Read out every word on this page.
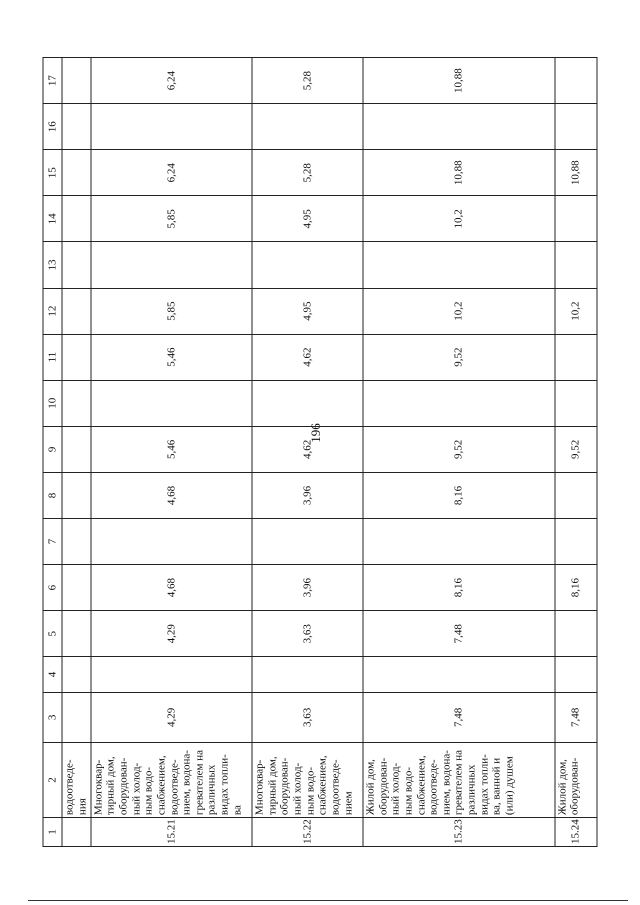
196
1	2	3	4	5	6	7	8	9	10	11	12	13	14	15	16	17
	водоотведе-ния															
15.21	Многоквар-тирный дом, оборудован-ный холод-ным водо-снабжением, водоотведе-нием, водона-гревателем на различных видах топли-ва	4,29		4,29	4,68		4,68	5,46		5,46	5,85		5,85	6,24		6,24
15.22	Многоквар-тирный дом, оборудован-ный холод-ным водо-снабжением, водоотведе-нием	3,63		3,63	3,96		3,96	4,62		4,62	4,95		4,95	5,28		5,28
15.23	Жилой дом, оборудован-ный холод-ным водо-снабжением, водоотведе-нием, водона-гревателем на различных видах топли-ва, ванной и (или) душем	7,48		7,48	8,16		8,16	9,52		9,52	10,2		10,2	10,88		10,88
15.24	Жилой дом, оборудован-	7,48			8,16			9,52			10,2			10,88		
